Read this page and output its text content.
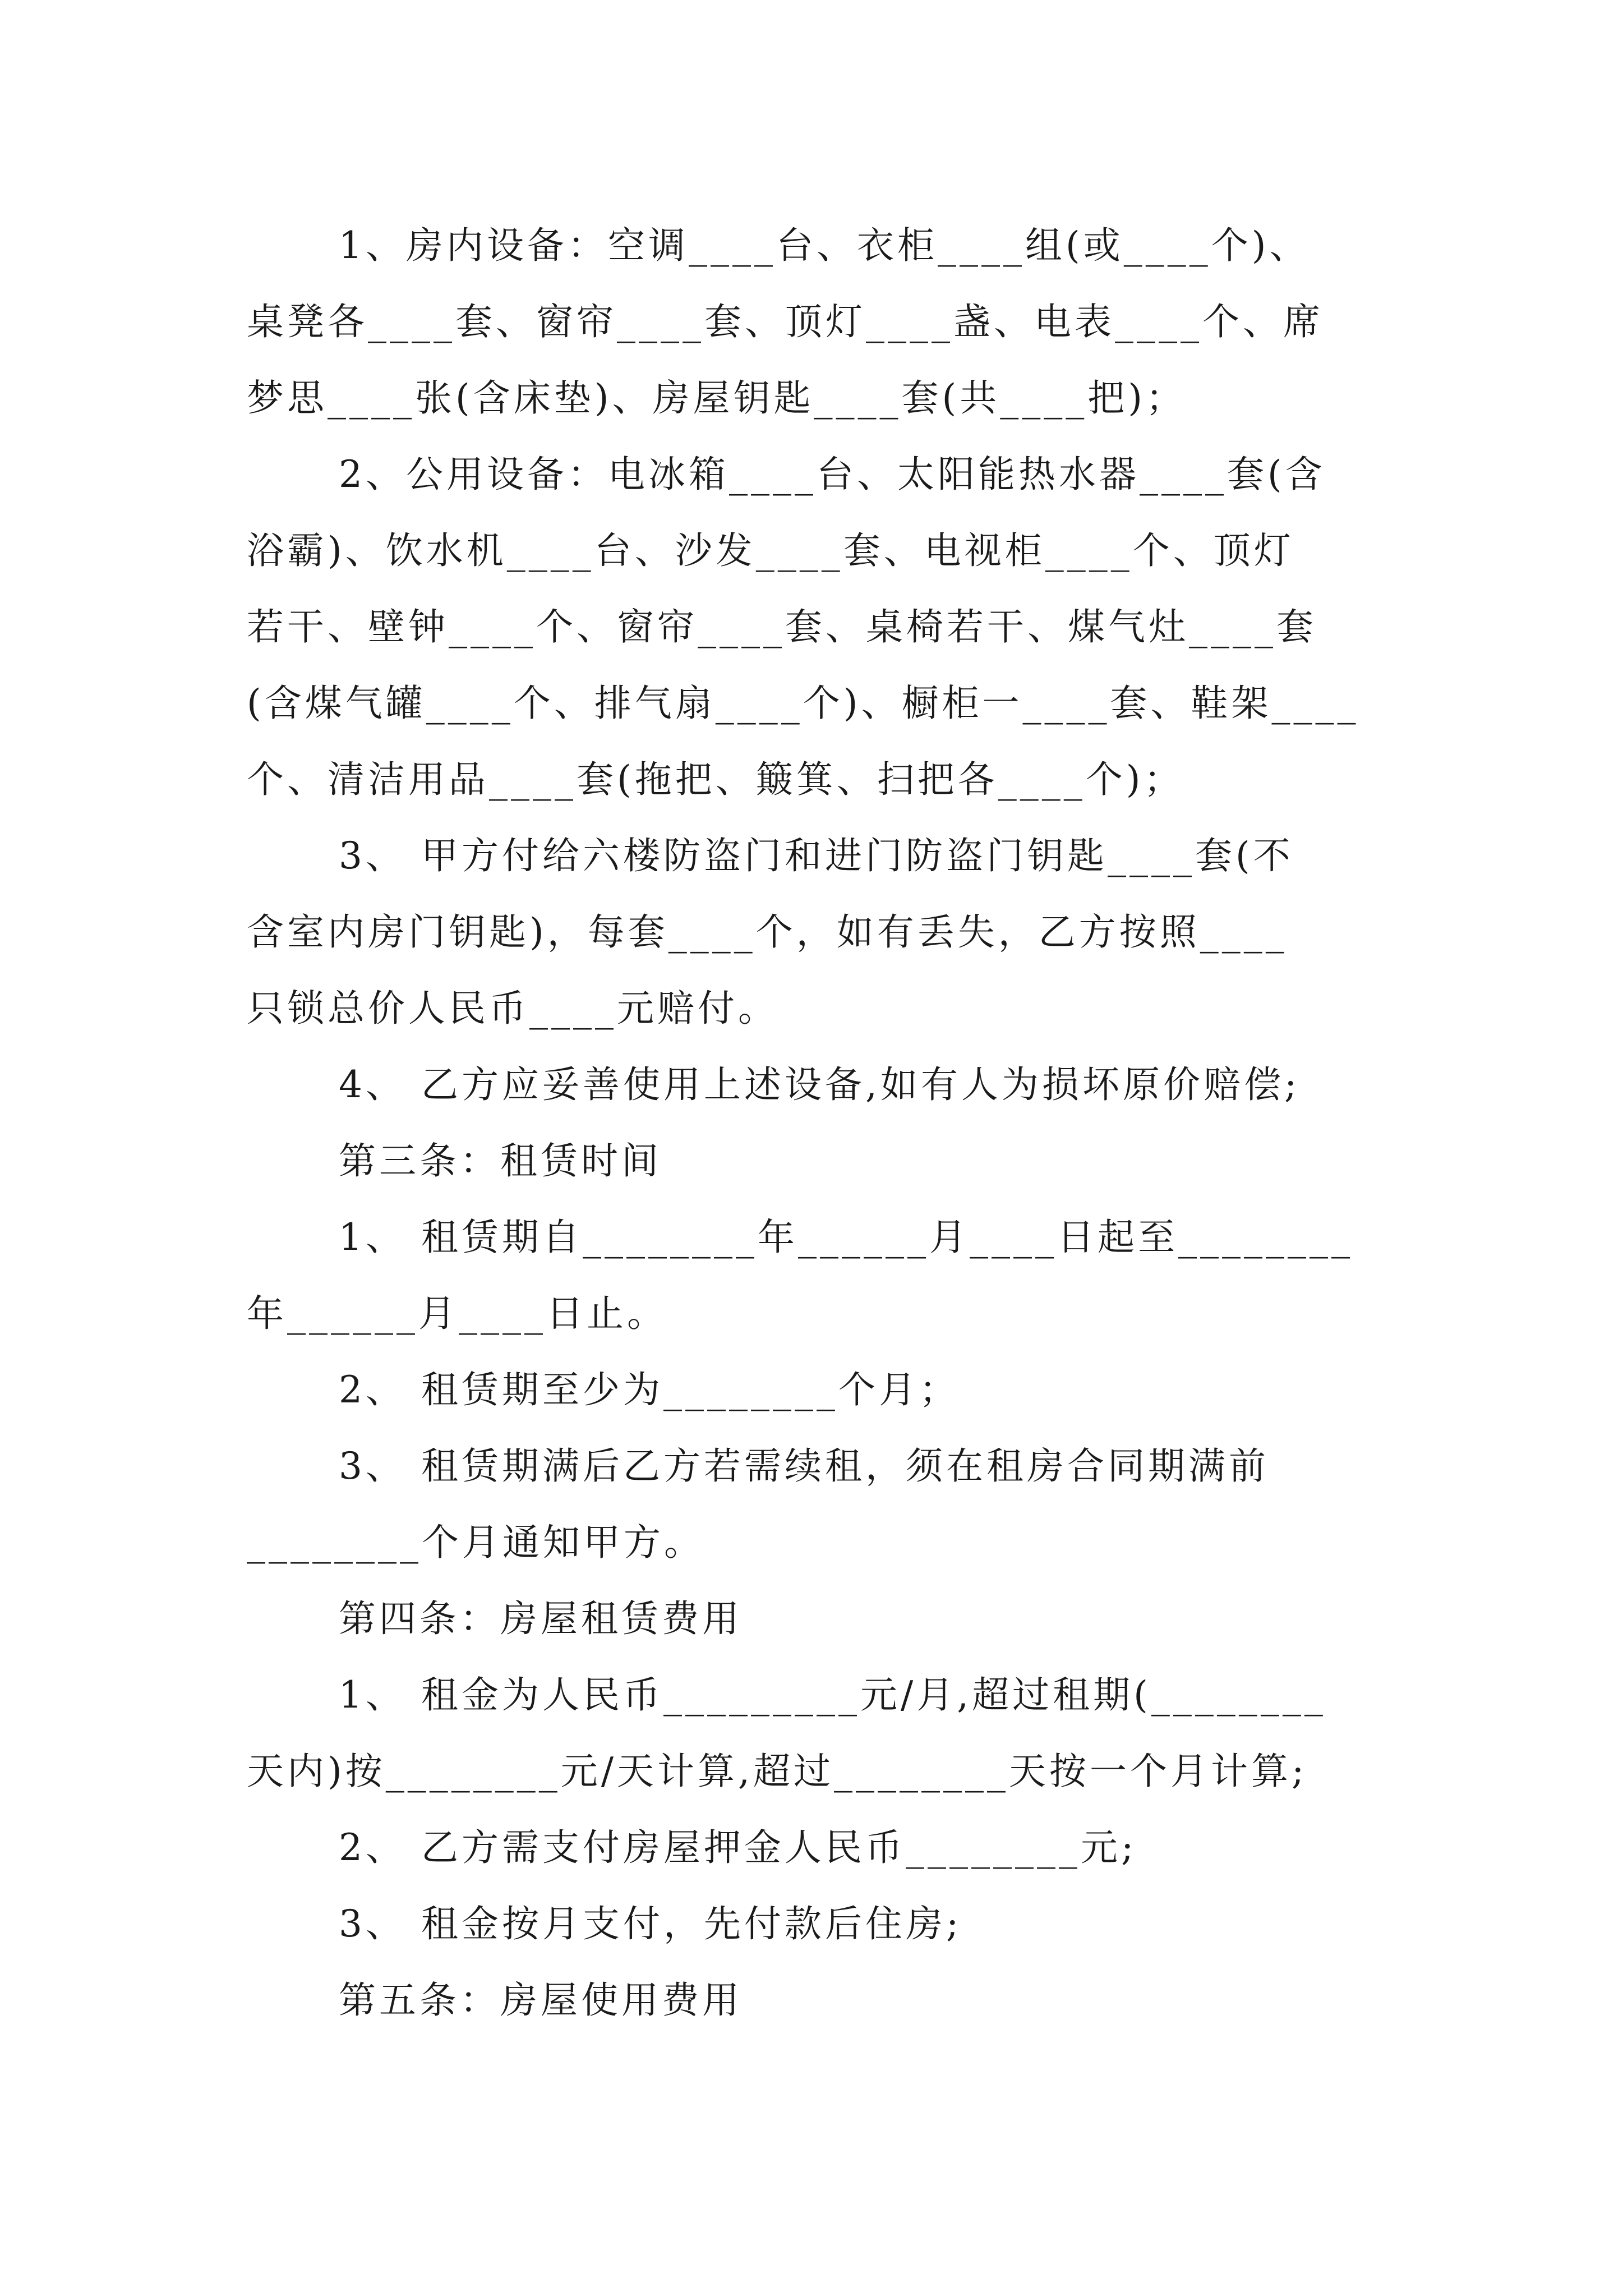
1、房内设备：空调____台、衣柜____组(或____个)、
桌凳各____套、窗帘____套、顶灯____盏、电表____个、席
梦思____张(含床垫)、房屋钥匙____套(共____把)；
2、公用设备：电冰箱____台、太阳能热水器____套(含
浴霸)、饮水机____台、沙发____套、电视柜____个、顶灯
若干、壁钟____个、窗帘____套、桌椅若干、煤气灶____套
(含煤气罐____个、排气扇____个)、橱柜一____套、鞋架____
个、清洁用品____套(拖把、簸箕、扫把各____个)；
3、 甲方付给六楼防盗门和进门防盗门钥匙____套(不
含室内房门钥匙)，每套____个，如有丢失，乙方按照____
只锁总价人民币____元赔付。
4、 乙方应妥善使用上述设备,如有人为损坏原价赔偿;
第三条：租赁时间
1、 租赁期自________年______月____日起至________
年______月____日止。
2、 租赁期至少为________个月；
3、 租赁期满后乙方若需续租，须在租房合同期满前
________个月通知甲方。
第四条：房屋租赁费用
1、 租金为人民币_________元/月,超过租期(________
天内)按________元/天计算,超过________天按一个月计算;
2、 乙方需支付房屋押金人民币________元;
3、 租金按月支付，先付款后住房;
第五条：房屋使用费用
